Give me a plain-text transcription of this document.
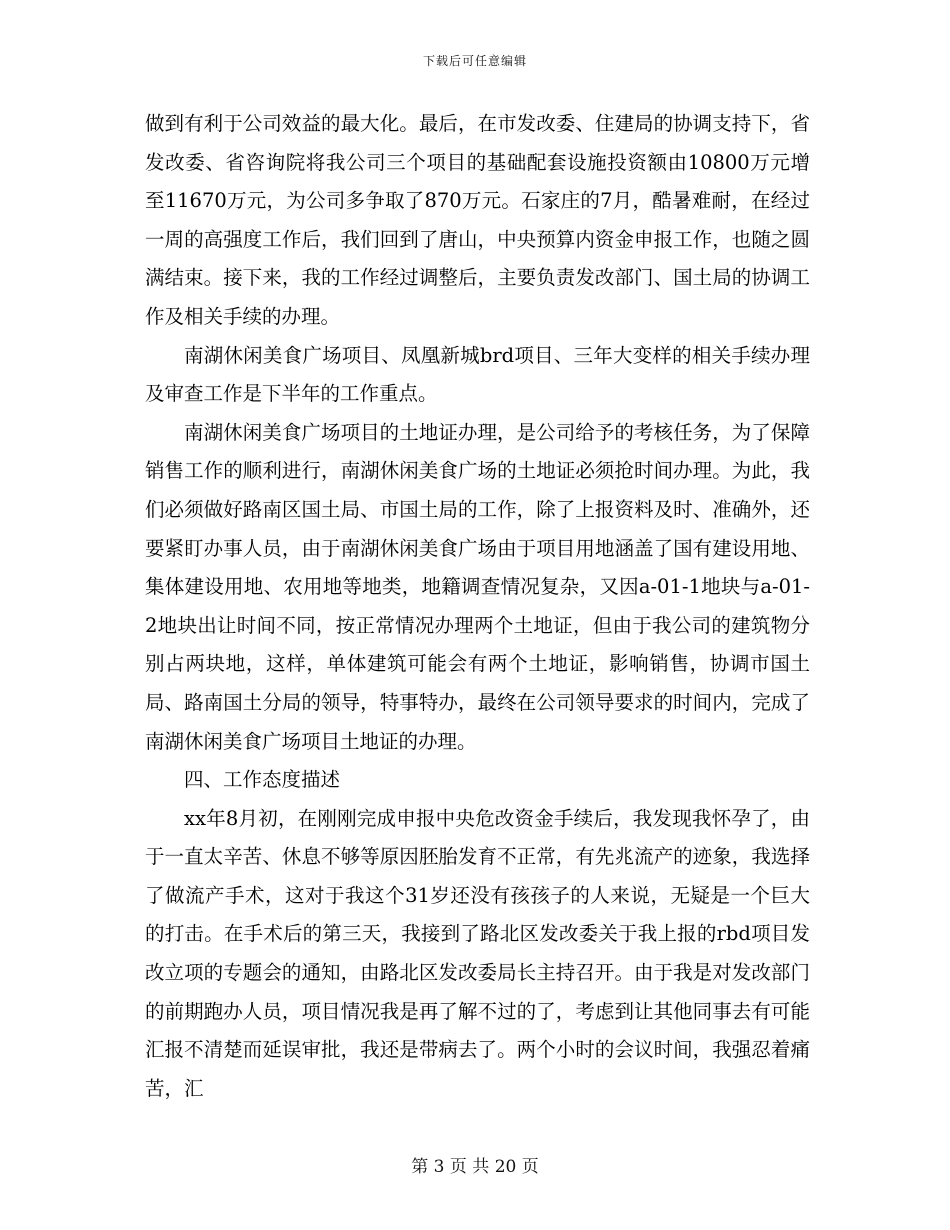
下载后可任意编辑

做到有利于公司效益的最大化。最后，在市发改委、住建局的协调支持下，省发改委、省咨询院将我公司三个项目的基础配套设施投资额由10800万元增至11670万元，为公司多争取了870万元。石家庄的7月，酷暑难耐，在经过一周的高强度工作后，我们回到了唐山，中央预算内资金申报工作，也随之圆满结束。接下来，我的工作经过调整后，主要负责发改部门、国土局的协调工作及相关手续的办理。

南湖休闲美食广场项目、凤凰新城brd项目、三年大变样的相关手续办理及审查工作是下半年的工作重点。

南湖休闲美食广场项目的土地证办理，是公司给予的考核任务，为了保障销售工作的顺利进行，南湖休闲美食广场的土地证必须抢时间办理。为此，我们必须做好路南区国土局、市国土局的工作，除了上报资料及时、准确外，还要紧盯办事人员，由于南湖休闲美食广场由于项目用地涵盖了国有建设用地、集体建设用地、农用地等地类，地籍调查情况复杂，又因a-01-1地块与a-01-2地块出让时间不同，按正常情况办理两个土地证，但由于我公司的建筑物分别占两块地，这样，单体建筑可能会有两个土地证，影响销售，协调市国土局、路南国土分局的领导，特事特办，最终在公司领导要求的时间内，完成了南湖休闲美食广场项目土地证的办理。

四、工作态度描述

xx年8月初，在刚刚完成申报中央危改资金手续后，我发现我怀孕了，由于一直太辛苦、休息不够等原因胚胎发育不正常，有先兆流产的迹象，我选择了做流产手术，这对于我这个31岁还没有孩孩子的人来说，无疑是一个巨大的打击。在手术后的第三天，我接到了路北区发改委关于我上报的rbd项目发改立项的专题会的通知，由路北区发改委局长主持召开。由于我是对发改部门的前期跑办人员，项目情况我是再了解不过的了，考虑到让其他同事去有可能汇报不清楚而延误审批，我还是带病去了。两个小时的会议时间，我强忍着痛苦，汇

第 3 页 共 20 页
